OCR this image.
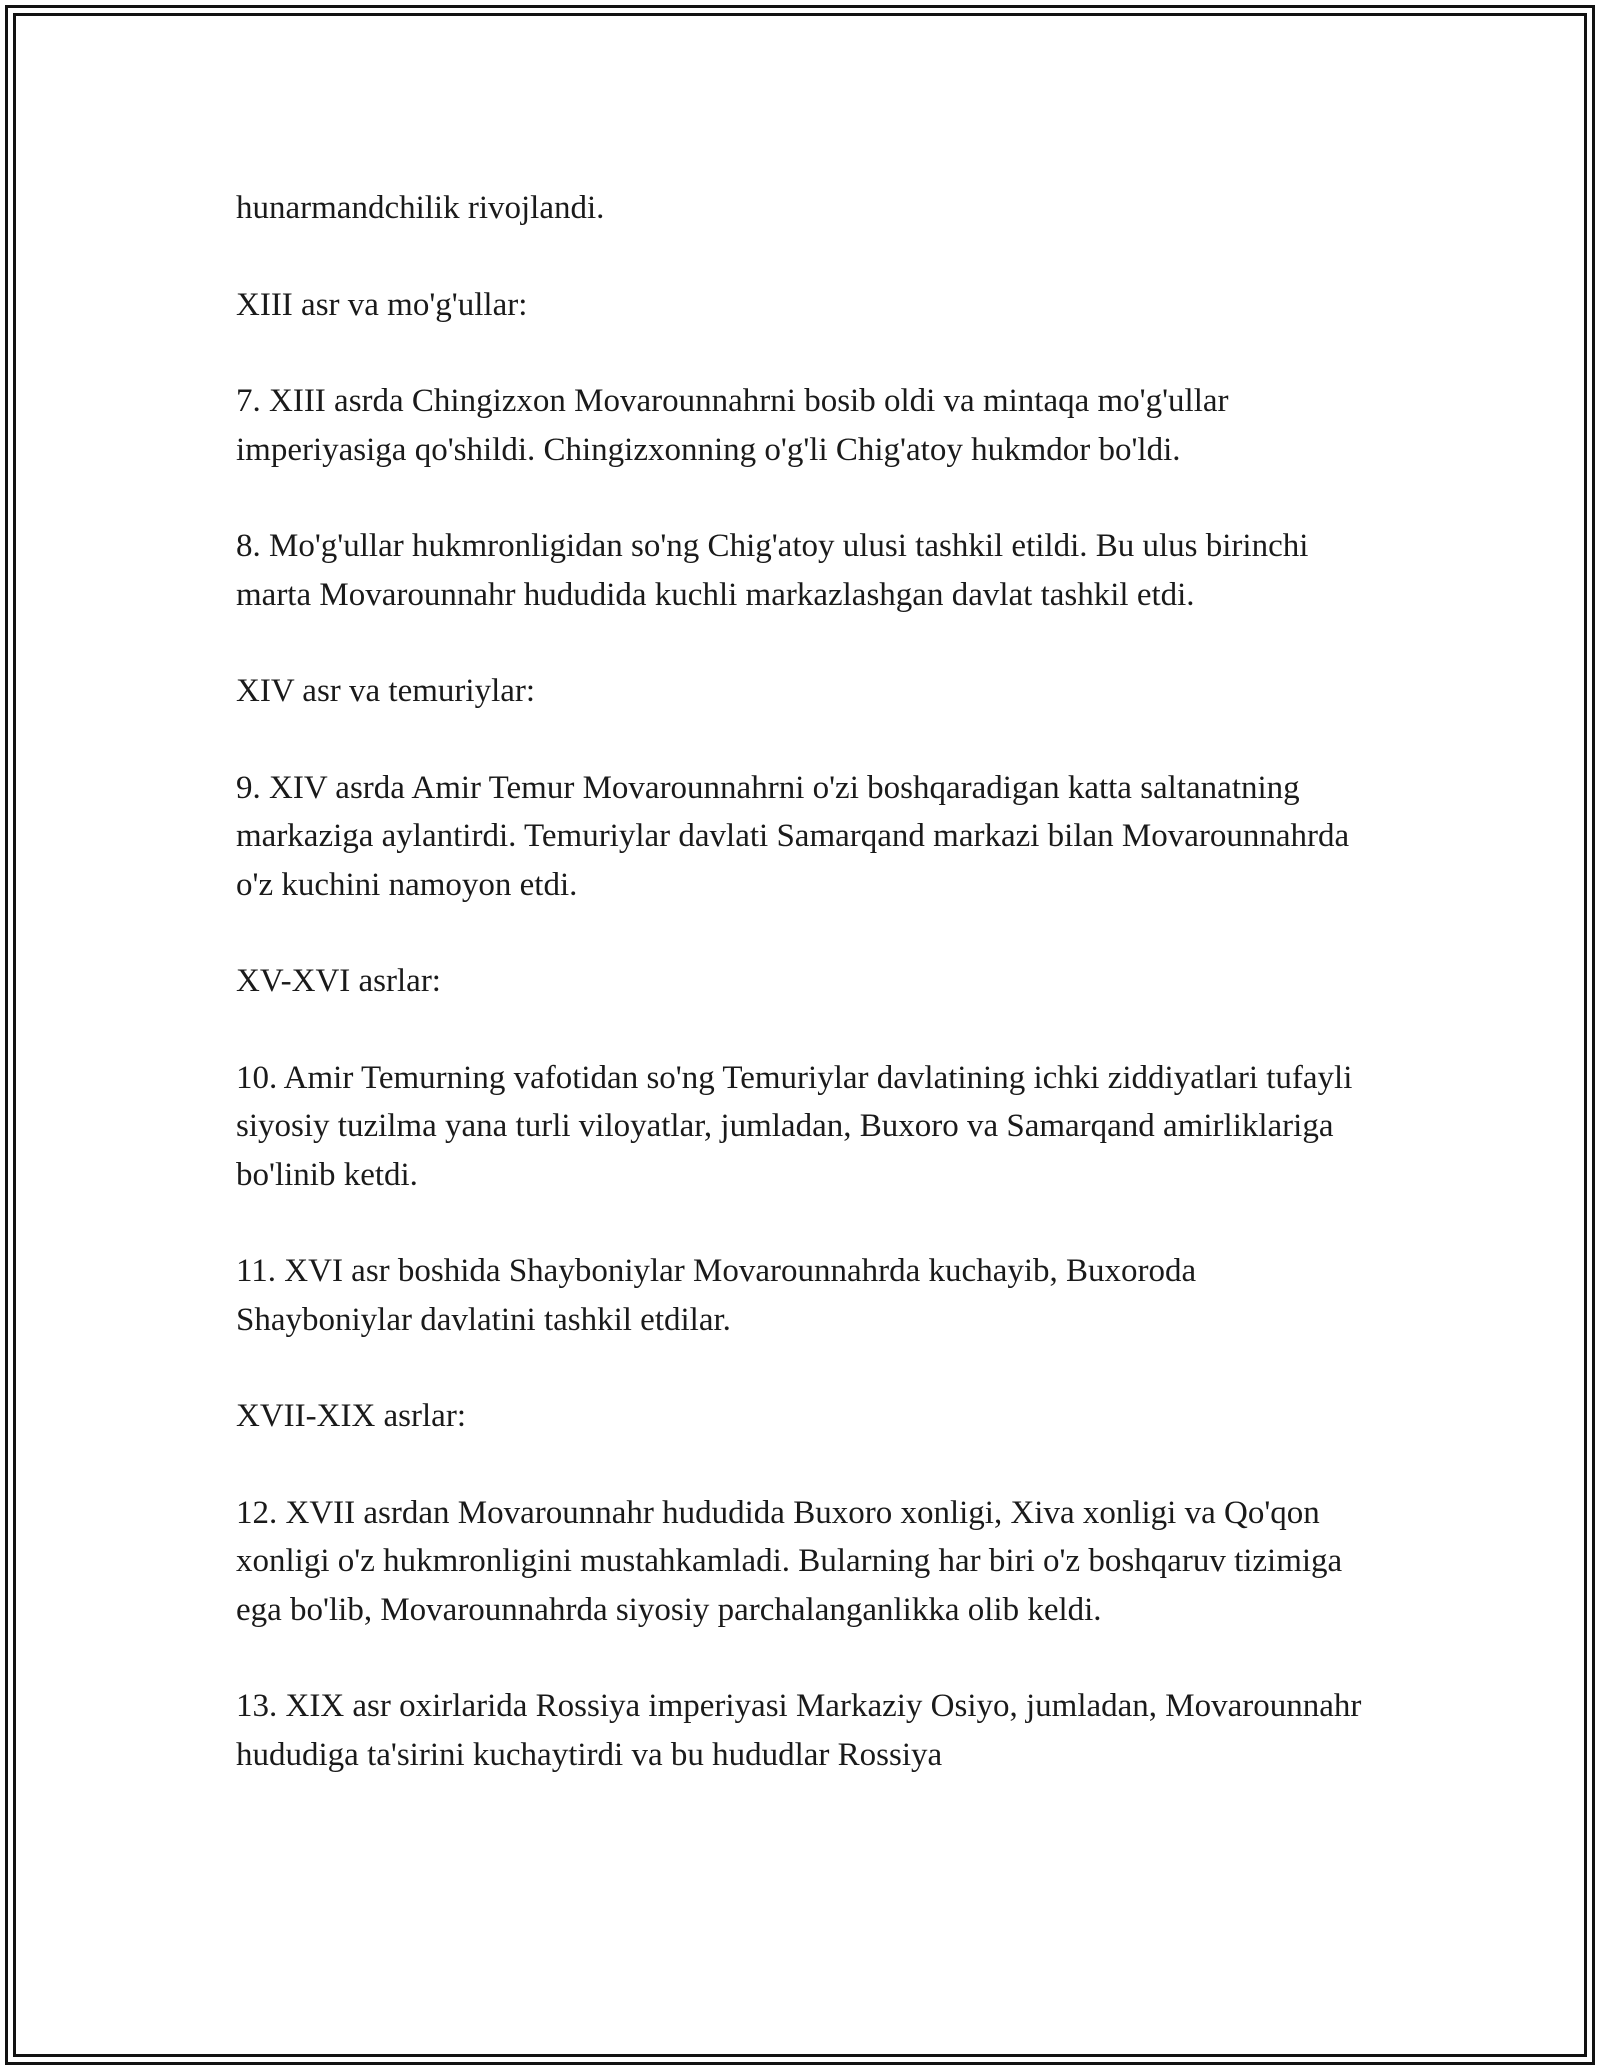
hunarmandchilik rivojlandi.

XIII asr va mo'g'ullar:

7. XIII asrda Chingizxon Movarounnahrni bosib oldi va mintaqa mo'g'ullar imperiyasiga qo'shildi. Chingizxonning o'g'li Chig'atoy hukmdor bo'ldi.

8. Mo'g'ullar hukmronligidan so'ng Chig'atoy ulusi tashkil etildi. Bu ulus birinchi marta Movarounnahr hududida kuchli markazlashgan davlat tashkil etdi.

XIV asr va temuriylar:

9. XIV asrda Amir Temur Movarounnahrni o'zi boshqaradigan katta saltanatning markaziga aylantirdi. Temuriylar davlati Samarqand markazi bilan Movarounnahrda o'z kuchini namoyon etdi.

XV-XVI asrlar:

10. Amir Temurning vafotidan so'ng Temuriylar davlatining ichki ziddiyatlari tufayli siyosiy tuzilma yana turli viloyatlar, jumladan, Buxoro va Samarqand amirliklariga bo'linib ketdi.

11. XVI asr boshida Shayboniylar Movarounnahrda kuchayib, Buxoroda Shayboniylar davlatini tashkil etdilar.

XVII-XIX asrlar:

12. XVII asrdan Movarounnahr hududida Buxoro xonligi, Xiva xonligi va Qo'qon xonligi o'z hukmronligini mustahkamladi. Bularning har biri o'z boshqaruv tizimiga ega bo'lib, Movarounnahrda siyosiy parchalanganlikka olib keldi.

13. XIX asr oxirlarida Rossiya imperiyasi Markaziy Osiyo, jumladan, Movarounnahr hududiga ta'sirini kuchaytirdi va bu hududlar Rossiya
